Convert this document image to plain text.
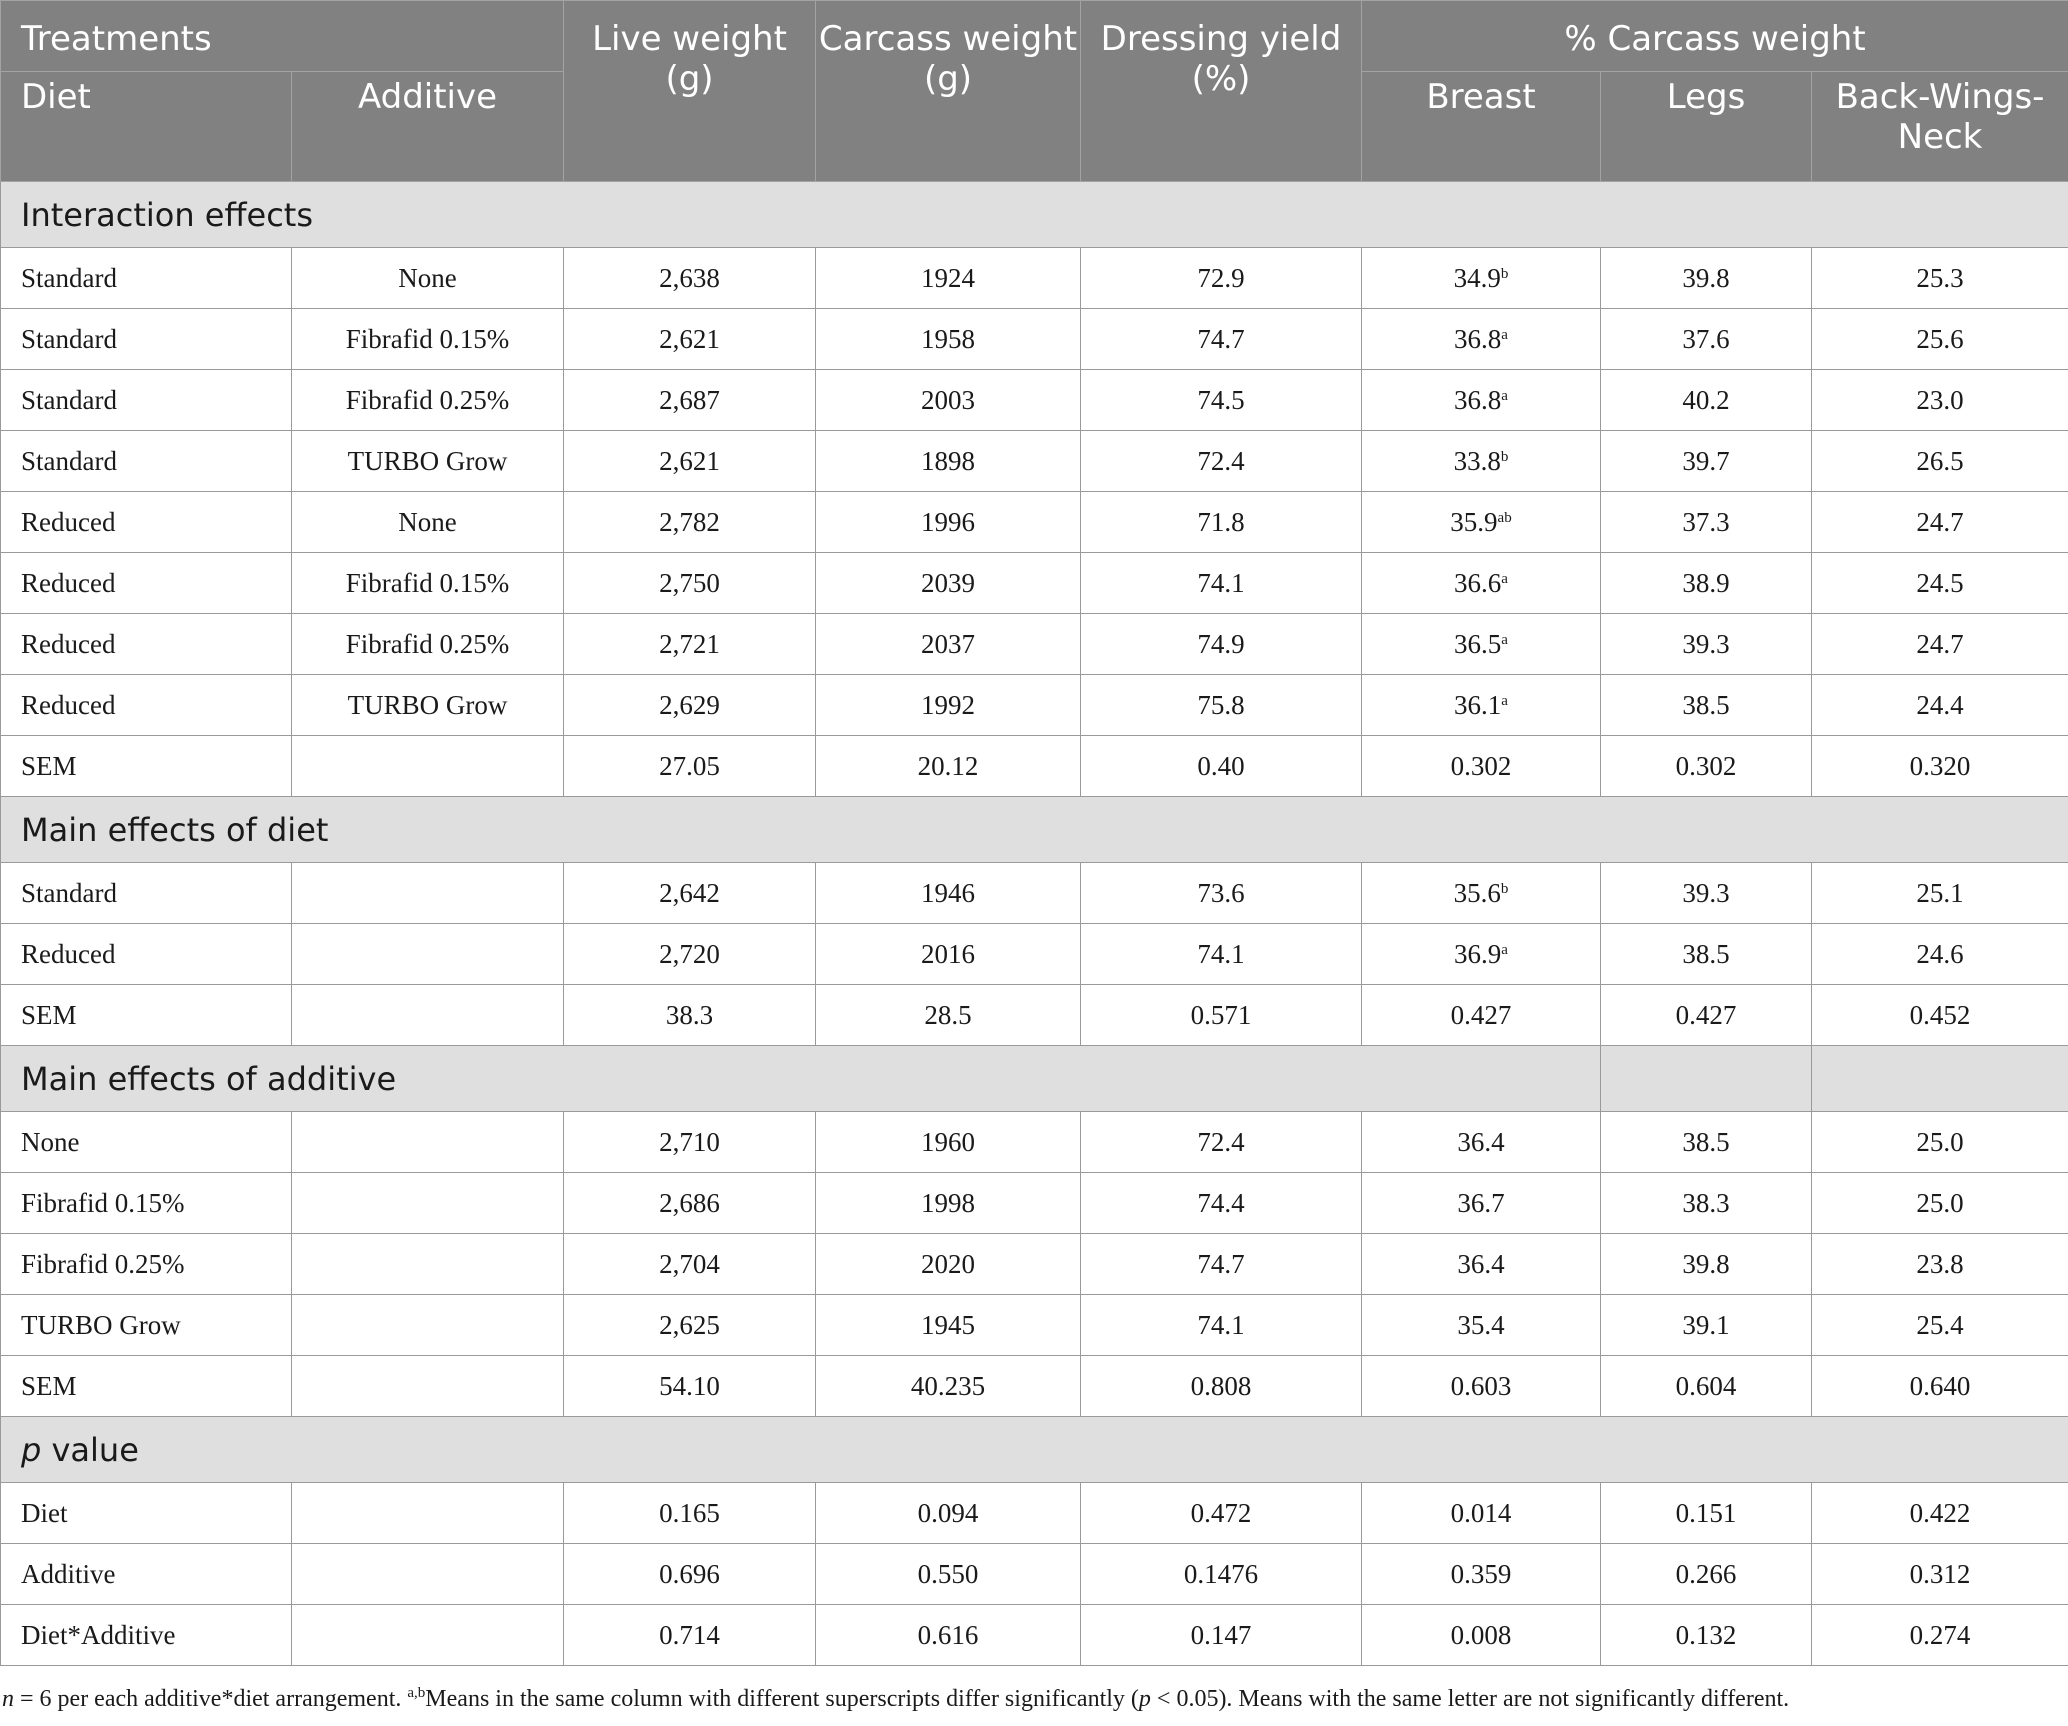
Treatments		Live weight (g)	Carcass weight (g)	Dressing yield (%)	% Carcass weight		
Diet	Additive				Breast	Legs	Back-Wings-Neck
Interaction effects							
Standard	None	2,638	1924	72.9	34.9$^b$	39.8	25.3
Standard	Fibrafid 0.15%	2,621	1958	74.7	36.8$^a$	37.6	25.6
Standard	Fibrafid 0.25%	2,687	2003	74.5	36.8$^a$	40.2	23.0
Standard	TURBO Grow	2,621	1898	72.4	33.8$^b$	39.7	26.5
Reduced	None	2,782	1996	71.8	35.9$^{ab}$	37.3	24.7
Reduced	Fibrafid 0.15%	2,750	2039	74.1	36.6$^a$	38.9	24.5
Reduced	Fibrafid 0.25%	2,721	2037	74.9	36.5$^a$	39.3	24.7
Reduced	TURBO Grow	2,629	1992	75.8	36.1$^a$	38.5	24.4
SEM		27.05	20.12	0.40	0.302	0.302	0.320
Main effects of diet							
Standard		2,642	1946	73.6	35.6$^b$	39.3	25.1
Reduced		2,720	2016	74.1	36.9$^a$	38.5	24.6
SEM		38.3	28.5	0.571	0.427	0.427	0.452
Main effects of additive							
None		2,710	1960	72.4	36.4	38.5	25.0
Fibrafid 0.15%		2,686	1998	74.4	36.7	38.3	25.0
Fibrafid 0.25%		2,704	2020	74.7	36.4	39.8	23.8
TURBO Grow		2,625	1945	74.1	35.4	39.1	25.4
SEM		54.10	40.235	0.808	0.603	0.604	0.640
p value							
Diet		0.165	0.094	0.472	0.014	0.151	0.422
Additive		0.696	0.550	0.1476	0.359	0.266	0.312
Diet*Additive		0.714	0.616	0.147	0.008	0.132	0.274
n = 6 per each additive*diet arrangement. $^{a,b}$Means in the same column with different superscripts differ significantly (p < 0.05). Means with the same letter are not significantly different.
